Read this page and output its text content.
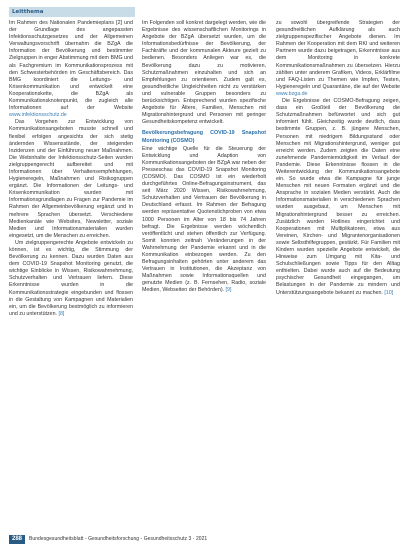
Leitthema

Im Rahmen des Nationalen Pandemieplans [2] und der Grundlage des angepassten Infektionsschutzgesetzes und der Allgemeinen Verwaltungsvorschrift übernahm die BZgA die Information der Bevölkerung und bestimmter Zielgruppen in enger Abstimmung mit dem BMG und als Fachgremium im Kommunikationsprozess mit den Schwesterbehörden im Geschäftsbereich. Das BMG koordiniert die Leitungs- und Krisenkommunikation und entwickelt eine Kooperationskette, die BZgA als Kommunikationsknotenpunkt, die zugleich alle Informationen auf der Website www.infektionsschutz.de

Das Vorgehen zur Entwicklung von Kommunikationsangeboten musste schnell und flexibel erfolgen angesichts der sich stetig ändernden Wissensstände, der steigenden Inzidenzen und der Einführung neuer Maßnahmen. Die Webinhalte der Infektionsschutz-Seiten wurden zielgruppengerecht aufbereitet und mit Informationen über Verhaltensempfehlungen, Hygieneregeln, Maßnahmen und Risikogruppen ergänzt. Die Informationen der Leitungs- und Krisenkommunikation wurden mit Informationsgrundlagen zu Fragen zur Pandemie im Rahmen der Allgemeinbevölkerung ergänzt und in mehrere Sprachen übersetzt. Verschiedene Medienkanäle wie Websites, Newsletter, soziale Medien und Informationsmaterialien wurden eingesetzt, um die Menschen zu erreichen.

Um zielgruppengerechte Angebote entwickeln zu können, ist es wichtig, die Stimmung der Bevölkerung zu kennen. Dazu wurden Daten aus dem COVID-19 Snapshot Monitoring genutzt, die wichtige Einblicke in Wissen, Risikowahrnehmung, Schutzverhalten und Vertrauen liefern. Diese Erkenntnisse wurden in die Kommunikationsstrategie eingebunden und flossen in die Gestaltung von Kampagnen und Materialien ein, um die Bevölkerung bestmöglich zu informieren und zu unterstützen. [8]

Im Folgenden soll konkret dargelegt werden, wie die Ergebnisse des wissenschaftlichen Monitorings in Angebote der BZgA übersetzt wurden, um die Informationsbedürfnisse der Bevölkerung, der Fachkräfte und der kommunalen Akteure gezielt zu bedienen. Besonders Anliegen war es, die Bevölkerung dazu zu motivieren, Schutzmaßnahmen einzuhalten und sich an Empfehlungen zu orientieren. Zudem galt es, gesundheitliche Ungleichheiten nicht zu verstärken und vulnerable Gruppen besonders zu berücksichtigen. Entsprechend wurden spezifische Angebote für Ältere, Familien, Menschen mit Migrationshintergrund und Personen mit geringer Gesundheitskompetenz entwickelt.

Bevölkerungsbefragung COVID-19 Snapshot Monitoring (COSMO)

Eine wichtige Quelle für die Steuerung der Entwicklung und Adaption von Kommunikationsangeboten der BZgA war neben der Presseschau das COVID-19 Snapshot Monitoring (COSMO). Das COSMO ist ein wiederholt durchgeführtes Online-Befragungsinstrument, das seit März 2020 Wissen, Risikowahrnehmung, Schutzverhalten und Vertrauen der Bevölkerung in Deutschland erfasst. Im Rahmen der Befragung werden repräsentative Quotenstichproben von etwa 1000 Personen im Alter von 18 bis 74 Jahren befragt. Die Ergebnisse werden wöchentlich veröffentlicht und stehen öffentlich zur Verfügung. Somit konnten zeitnah Veränderungen in der Wahrnehmung der Pandemie erkannt und in die Kommunikation einbezogen werden. Zu den Befragungsinhalten gehörten unter anderem das Vertrauen in Institutionen, die Akzeptanz von Maßnahmen sowie Informationsquellen und genutzte Medien (z. B. Fernsehen, Radio, soziale Medien, Webseiten der Behörden). [9]

zu sowohl übergreifende Strategien der gesundheitlichen Aufklärung als auch zielgruppenspezifischer Angebote dienen. Im Rahmen der Kooperation mit dem RKI und weiteren Partnern wurde dazu beigetragen, Erkenntnisse aus dem Monitoring in konkrete Kommunikationsmaßnahmen zu übersetzen. Hierzu zählten unter anderem Grafiken, Videos, Erklärfilme und FAQ-Listen zu Themen wie Impfen, Testen, Hygieneregeln und Quarantäne, die auf der Website www.bzga.de

Die Ergebnisse der COSMO-Befragung zeigen, dass ein Großteil der Bevölkerung die Schutzmaßnahmen befürwortet und sich gut informiert fühlt. Gleichzeitig wurde deutlich, dass bestimmte Gruppen, z. B. jüngere Menschen, Personen mit niedrigem Bildungsstand oder Menschen mit Migrationshintergrund, weniger gut erreicht werden. Zudem zeigten die Daten eine zunehmende Pandemiemüdigkeit im Verlauf der Pandemie. Diese Erkenntnisse flossen in die Weiterentwicklung der Kommunikationsangebote ein. So wurde etwa die Kampagne für junge Menschen mit neuen Formaten ergänzt und die Ansprache in sozialen Medien verstärkt. Auch die Informationsmaterialien in verschiedenen Sprachen wurden ausgebaut, um Menschen mit Migrationshintergrund besser zu erreichen. Zusätzlich wurden Hotlines eingerichtet und Kooperationen mit Multiplikatoren, etwa aus Vereinen, Kirchen- und Migrantenorganisationen sowie Selbsthilfegruppen, gestärkt. Für Familien mit Kindern wurden spezielle Angebote entwickelt, die Hinweise zum Umgang mit Kita- und Schulschließungen sowie Tipps für den Alltag enthielten. Dabei wurde auch auf die Bedeutung psychischer Gesundheit eingegangen, um Belastungen in der Pandemie zu mindern und Unterstützungsangebote bekannt zu machen. [10]

288	Bundesgesundheitsblatt - Gesundheitsforschung - Gesundheitsschutz 3 · 2021
